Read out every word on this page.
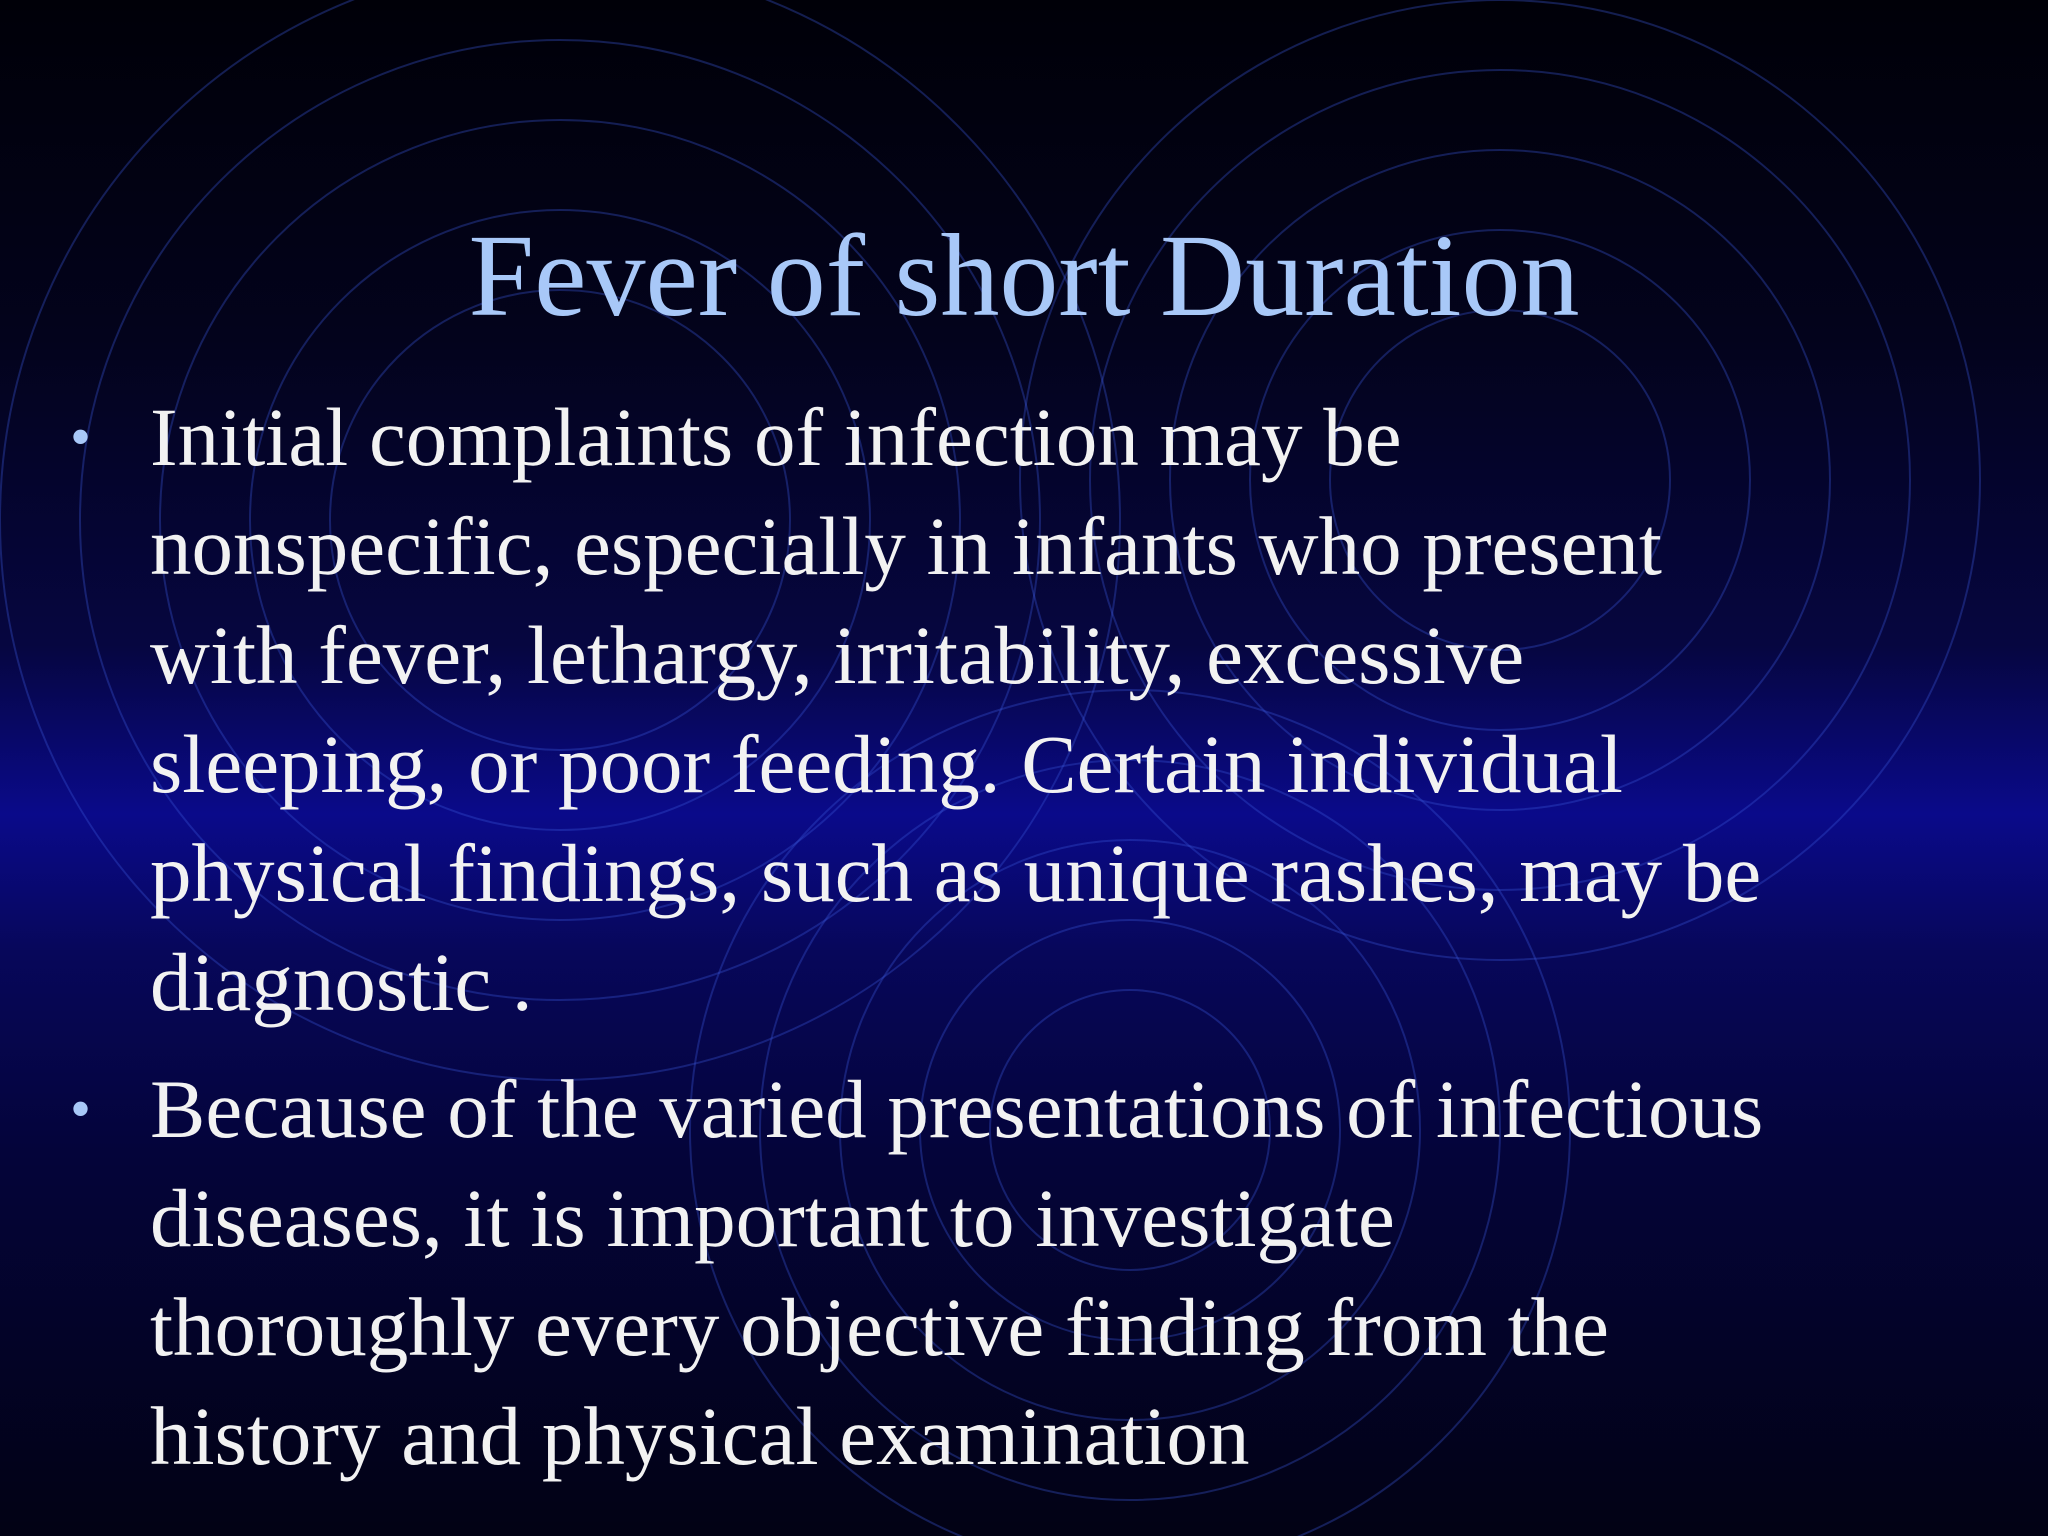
Fever of short Duration
• Initial complaints of infection may be
nonspecific, especially in infants who present
with fever, lethargy, irritability, excessive
sleeping, or poor feeding. Certain individual
physical findings, such as unique rashes, may be
diagnostic .
• Because of the varied presentations of infectious
diseases, it is important to investigate
thoroughly every objective finding from the
history and physical examination
